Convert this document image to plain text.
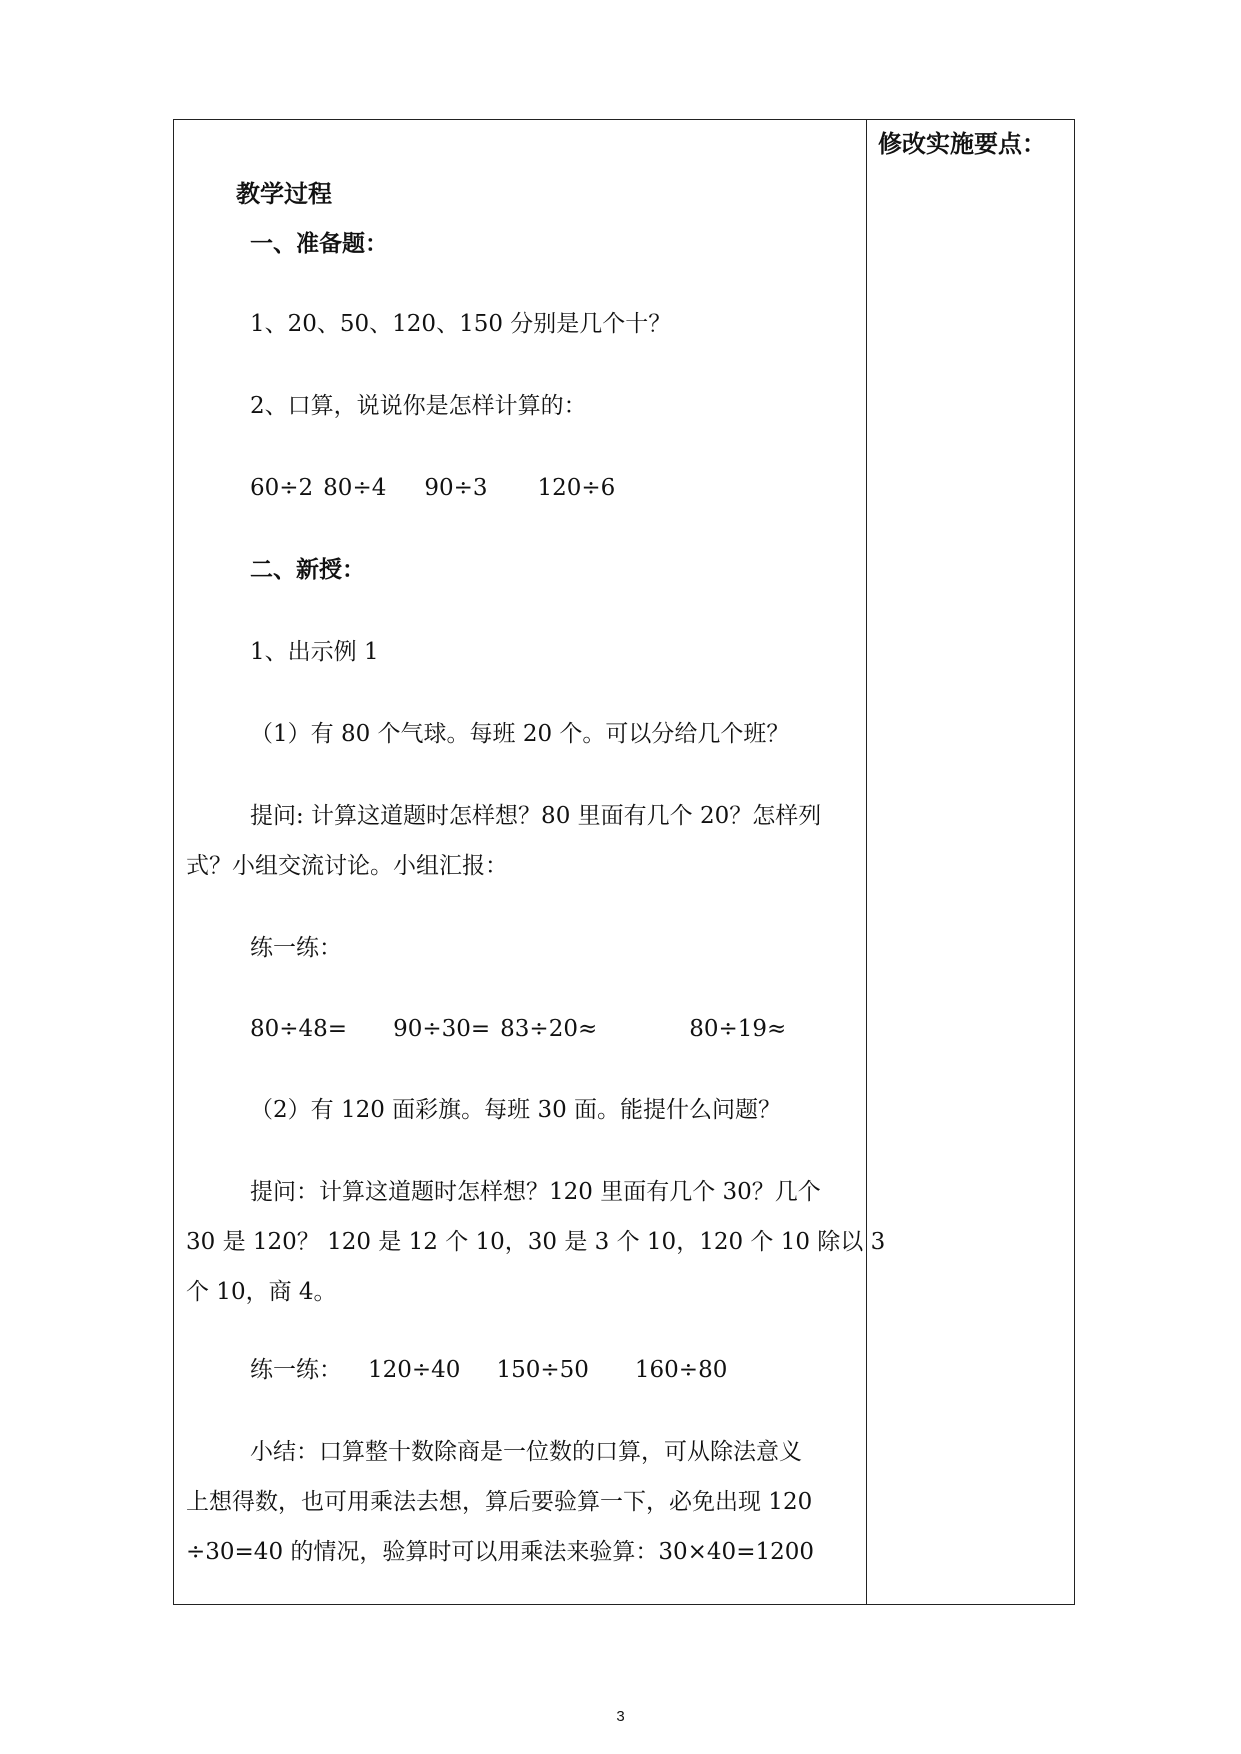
修改实施要点：
教学过程
一、准备题：
1、20、50、120、150 分别是几个十？
2、口算，说说你是怎样计算的：
60÷2 80÷4 90÷3 120÷6
二、新授：
1、出示例 1
（1）有 80 个气球。每班 20 个。可以分给几个班？
提问: 计算这道题时怎样想？80 里面有几个 20？怎样列
式？小组交流讨论。小组汇报：
练一练：
80÷48= 90÷30= 83÷20≈	80÷19≈
（2）有 120 面彩旗。每班 30 面。能提什么问题？
提问：计算这道题时怎样想？120 里面有几个 30？几个
30 是 120？ 120 是 12 个 10，30 是 3 个 10，120 个 10 除以 3
个 10，商 4。
练一练： 120÷40 150÷50 160÷80
小结：口算整十数除商是一位数的口算，可从除法意义
上想得数，也可用乘法去想，算后要验算一下，必免出现 120
÷30=40 的情况，验算时可以用乘法来验算：30×40=1200
3
